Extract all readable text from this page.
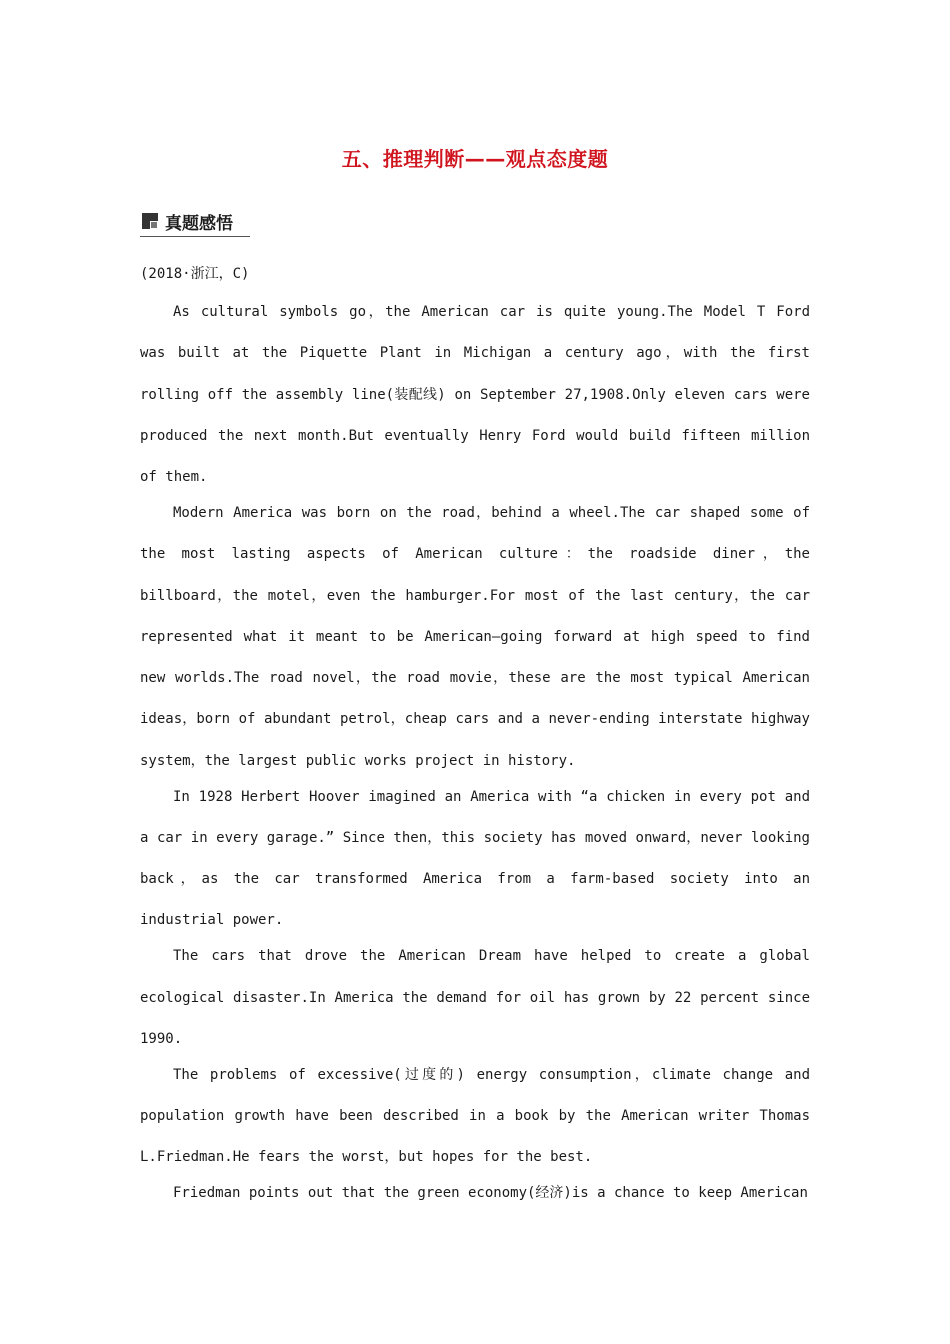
五、推理判断——观点态度题
真题感悟
(2018·浙江，C)

As cultural symbols go，the American car is quite young.The Model T Ford was built at the Piquette Plant in Michigan a century ago，with the first rolling off the assembly line(装配线) on September 27,1908.Only eleven cars were produced the next month.But eventually Henry Ford would build fifteen million of them.

Modern America was born on the road，behind a wheel.The car shaped some of the most lasting aspects of American culture：the roadside diner，the billboard，the motel，even the hamburger.For most of the last century，the car represented what it meant to be American—going forward at high speed to find new worlds.The road novel，the road movie，these are the most typical American ideas，born of abundant petrol，cheap cars and a never-ending interstate highway system，the largest public works project in history.

In 1928 Herbert Hoover imagined an America with “a chicken in every pot and a car in every garage.” Since then，this society has moved onward，never looking back，as the car transformed America from a farm-based society into an industrial power.

The cars that drove the American Dream have helped to create a global ecological disaster.In America the demand for oil has grown by 22 percent since 1990.

The problems of excessive(过度的) energy consumption，climate change and population growth have been described in a book by the American writer Thomas L.Friedman.He fears the worst，but hopes for the best.

Friedman points out that the green economy(经济)is a chance to keep American
